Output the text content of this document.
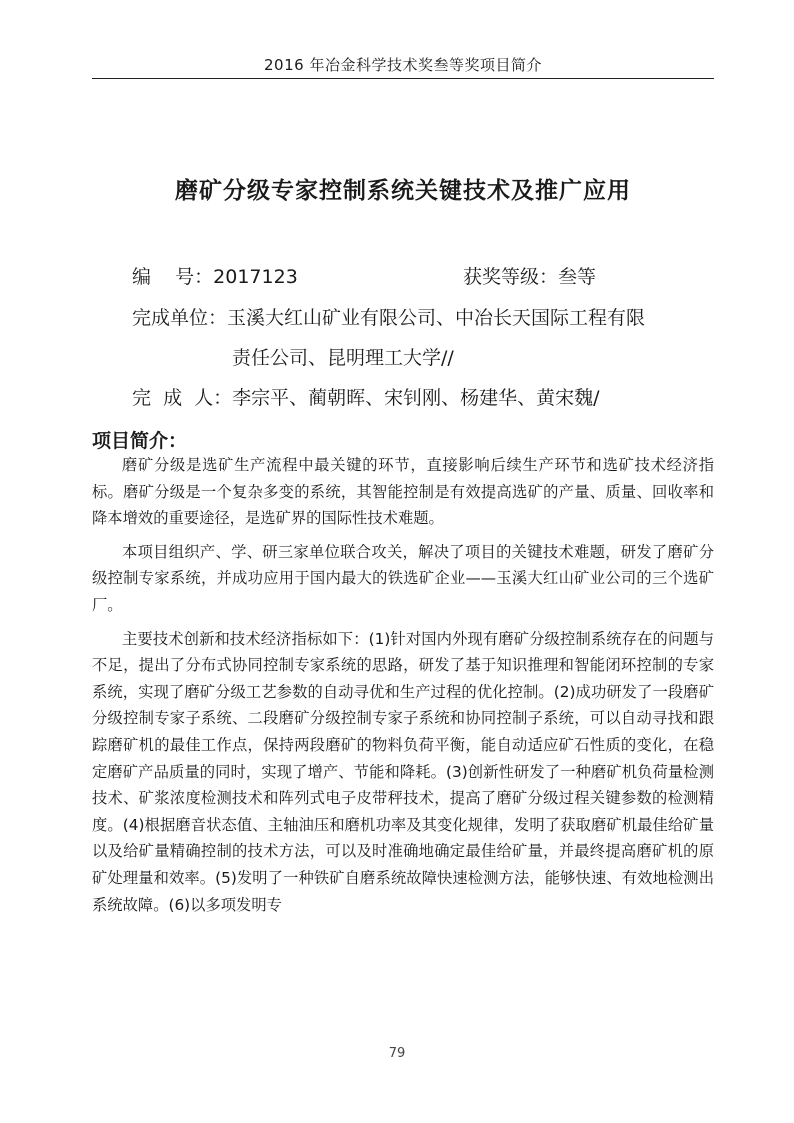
2016 年冶金科学技术奖叁等奖项目简介
磨矿分级专家控制系统关键技术及推广应用
编    号：2017123	获奖等级：叁等
完成单位：玉溪大红山矿业有限公司、中冶长天国际工程有限
责任公司、昆明理工大学//
完  成  人：李宗平、蔺朝晖、宋钊刚、杨建华、黄宋魏/
项目简介：

磨矿分级是选矿生产流程中最关键的环节，直接影响后续生产环节和选矿技术经济指标。磨矿分级是一个复杂多变的系统，其智能控制是有效提高选矿的产量、质量、回收率和降本增效的重要途径，是选矿界的国际性技术难题。

本项目组织产、学、研三家单位联合攻关，解决了项目的关键技术难题，研发了磨矿分级控制专家系统，并成功应用于国内最大的铁选矿企业——玉溪大红山矿业公司的三个选矿厂。

主要技术创新和技术经济指标如下：(1)针对国内外现有磨矿分级控制系统存在的问题与不足，提出了分布式协同控制专家系统的思路，研发了基于知识推理和智能闭环控制的专家系统，实现了磨矿分级工艺参数的自动寻优和生产过程的优化控制。(2)成功研发了一段磨矿分级控制专家子系统、二段磨矿分级控制专家子系统和协同控制子系统，可以自动寻找和跟踪磨矿机的最佳工作点，保持两段磨矿的物料负荷平衡，能自动适应矿石性质的变化，在稳定磨矿产品质量的同时，实现了增产、节能和降耗。(3)创新性研发了一种磨矿机负荷量检测技术、矿浆浓度检测技术和阵列式电子皮带秤技术，提高了磨矿分级过程关键参数的检测精度。(4)根据磨音状态值、主轴油压和磨机功率及其变化规律，发明了获取磨矿机最佳给矿量以及给矿量精确控制的技术方法，可以及时准确地确定最佳给矿量，并最终提高磨矿机的原矿处理量和效率。(5)发明了一种铁矿自磨系统故障快速检测方法，能够快速、有效地检测出系统故障。(6)以多项发明专

79
